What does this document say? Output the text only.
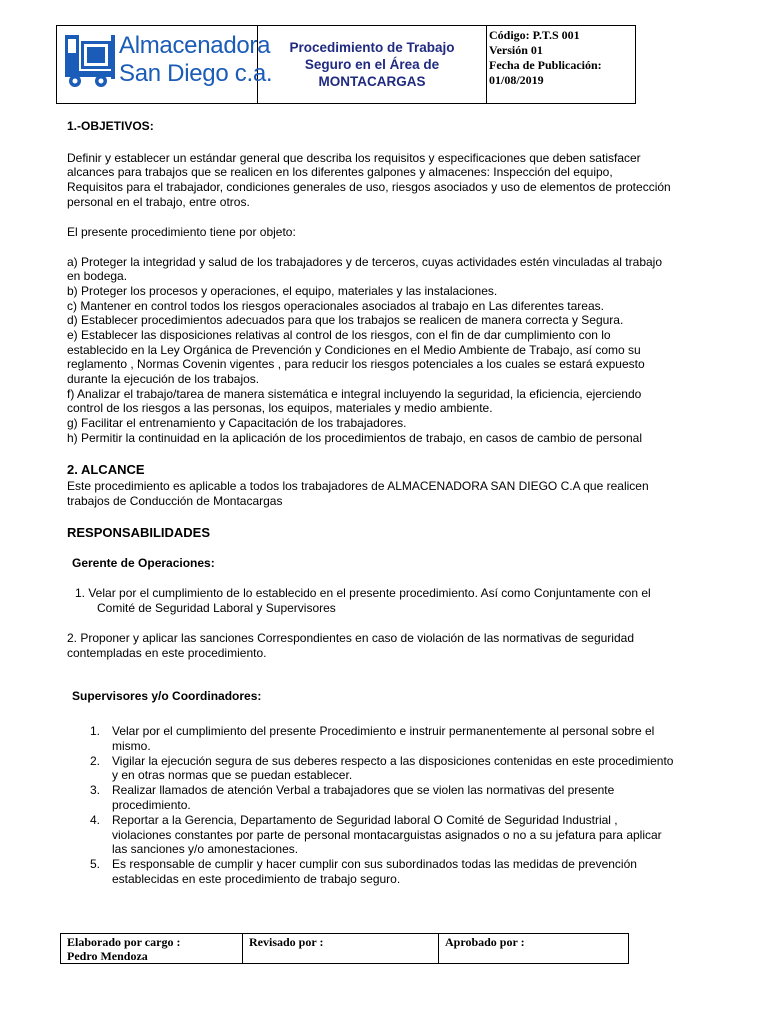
Almacenadora
San Diego c.a.
Procedimiento de Trabajo
Seguro en el Área de
MONTACARGAS
Código: P.T.S 001
Versión 01
Fecha de Publicación:
01/08/2019
1.-OBJETIVOS:
Definir y establecer un estándar general que describa los requisitos y especificaciones que deben satisfacer
alcances para trabajos que se realicen en los diferentes galpones y almacenes: Inspección del equipo,
Requisitos para el trabajador, condiciones generales de uso, riesgos asociados y uso de elementos de protección
personal en el trabajo, entre otros.
El presente procedimiento tiene por objeto:
a) Proteger la integridad y salud de los trabajadores y de terceros, cuyas actividades estén vinculadas al trabajo
en bodega.
b) Proteger los procesos y operaciones, el equipo, materiales y las instalaciones.
c) Mantener en control todos los riesgos operacionales asociados al trabajo en Las diferentes tareas.
d) Establecer procedimientos adecuados para que los trabajos se realicen de manera correcta y Segura.
e) Establecer las disposiciones relativas al control de los riesgos, con el fin de dar cumplimiento con lo
establecido en la Ley Orgánica de Prevención y Condiciones en el Medio Ambiente de Trabajo, así como su
reglamento , Normas Covenin vigentes , para reducir los riesgos potenciales a los cuales se estará expuesto
durante la ejecución de los trabajos.
f) Analizar el trabajo/tarea de manera sistemática e integral incluyendo la seguridad, la eficiencia, ejerciendo
control de los riesgos a las personas, los equipos, materiales y medio ambiente.
g) Facilitar el entrenamiento y Capacitación de los trabajadores.
h) Permitir la continuidad en la aplicación de los procedimientos de trabajo, en casos de cambio de personal
2. ALCANCE
Este procedimiento es aplicable a todos los trabajadores de ALMACENADORA SAN DIEGO C.A que realicen
trabajos de Conducción de Montacargas
RESPONSABILIDADES
Gerente de Operaciones:
1. Velar por el cumplimiento de lo establecido en el presente procedimiento. Así como Conjuntamente con el
Comité de Seguridad Laboral y Supervisores
2. Proponer y aplicar las sanciones Correspondientes en caso de violación de las normativas de seguridad
contempladas en este procedimiento.
Supervisores y/o Coordinadores:
1. Velar por el cumplimiento del presente Procedimiento e instruir permanentemente al personal sobre el
mismo.
2. Vigilar la ejecución segura de sus deberes respecto a las disposiciones contenidas en este procedimiento
y en otras normas que se puedan establecer.
3. Realizar llamados de atención Verbal a trabajadores que se violen las normativas del presente
procedimiento.
4. Reportar a la Gerencia, Departamento de Seguridad laboral O Comité de Seguridad Industrial ,
violaciones constantes por parte de personal montacarguistas asignados o no a su jefatura para aplicar
las sanciones y/o amonestaciones.
5. Es responsable de cumplir y hacer cumplir con sus subordinados todas las medidas de prevención
establecidas en este procedimiento de trabajo seguro.
Elaborado por cargo :
Pedro Mendoza
Revisado por :	Aprobado por :
